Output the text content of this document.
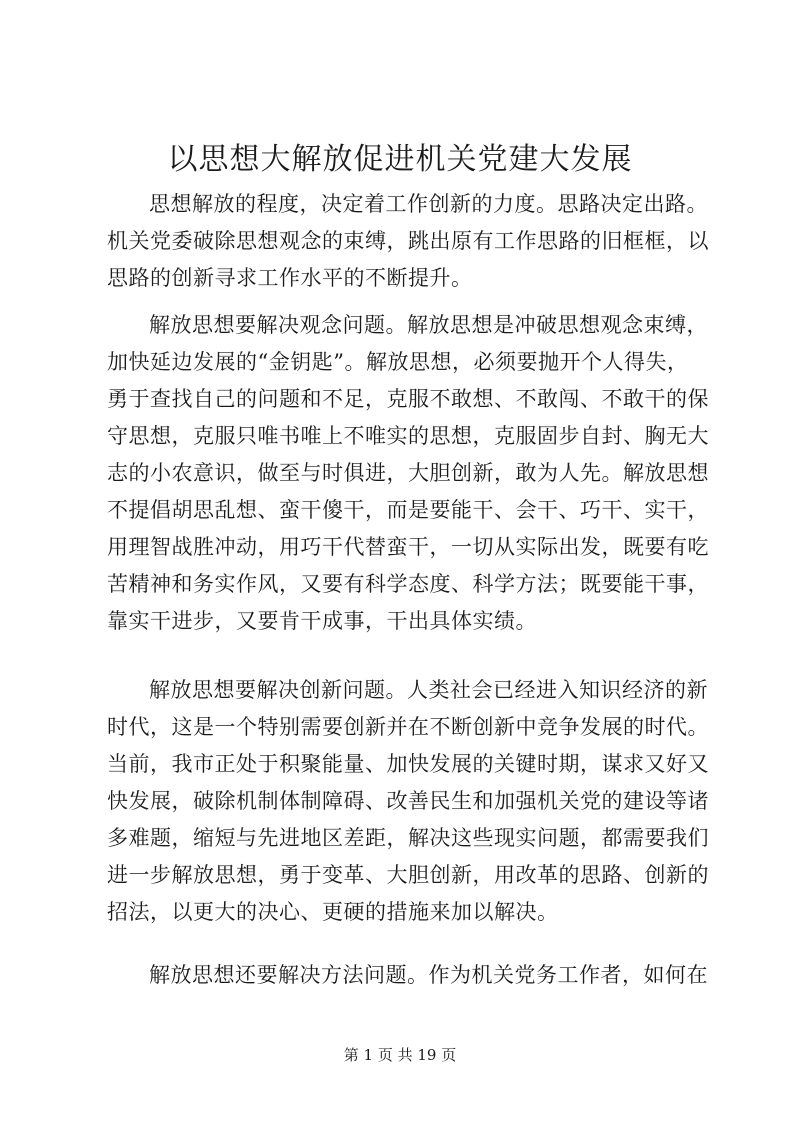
以思想大解放促进机关党建大发展
思想解放的程度，决定着工作创新的力度。思路决定出路。
机关党委破除思想观念的束缚，跳出原有工作思路的旧框框，以
思路的创新寻求工作水平的不断提升。
解放思想要解决观念问题。解放思想是冲破思想观念束缚，
加快延边发展的“金钥匙”。解放思想，必须要抛开个人得失，
勇于查找自己的问题和不足，克服不敢想、不敢闯、不敢干的保
守思想，克服只唯书唯上不唯实的思想，克服固步自封、胸无大
志的小农意识，做至与时俱进，大胆创新，敢为人先。解放思想
不提倡胡思乱想、蛮干傻干，而是要能干、会干、巧干、实干，
用理智战胜冲动，用巧干代替蛮干，一切从实际出发，既要有吃
苦精神和务实作风，又要有科学态度、科学方法；既要能干事，
靠实干进步，又要肯干成事，干出具体实绩。
解放思想要解决创新问题。人类社会已经进入知识经济的新
时代，这是一个特别需要创新并在不断创新中竞争发展的时代。
当前，我市正处于积聚能量、加快发展的关键时期，谋求又好又
快发展，破除机制体制障碍、改善民生和加强机关党的建设等诸
多难题，缩短与先进地区差距，解决这些现实问题，都需要我们
进一步解放思想，勇于变革、大胆创新，用改革的思路、创新的
招法，以更大的决心、更硬的措施来加以解决。
解放思想还要解决方法问题。作为机关党务工作者，如何在
第 1 页 共 19 页
